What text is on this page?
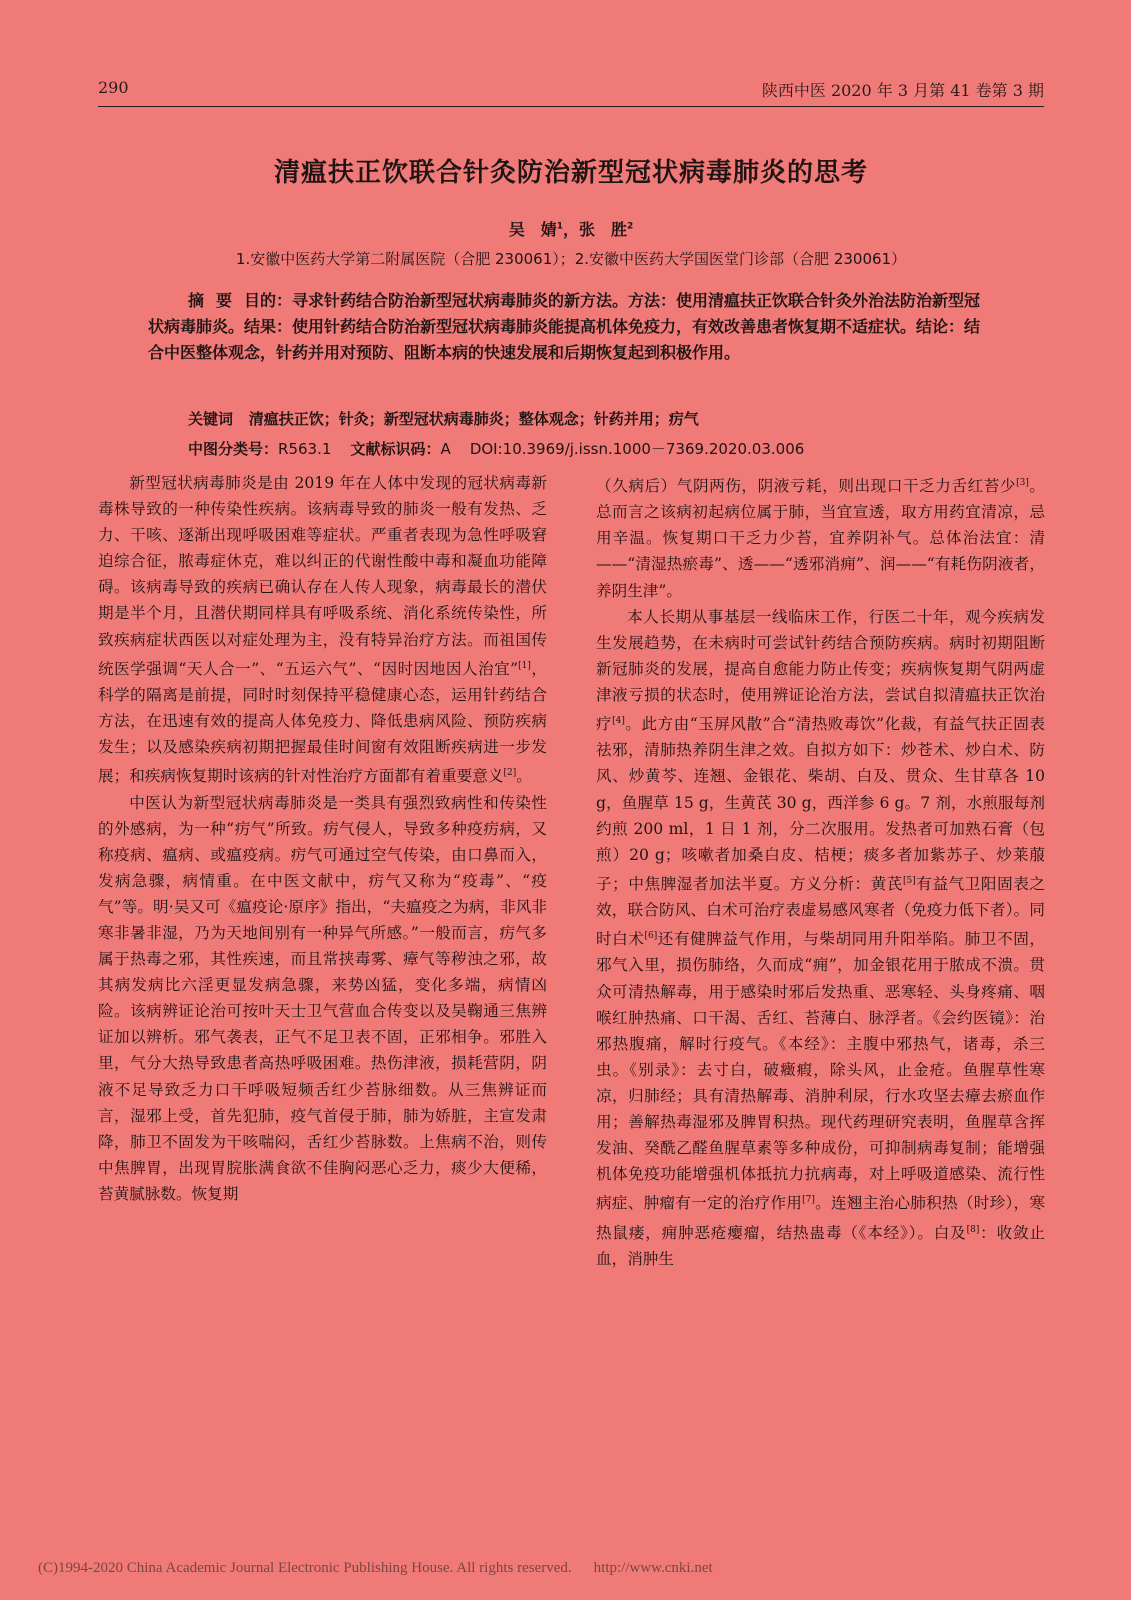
290	陕西中医 2020 年 3 月第 41 卷第 3 期
清瘟扶正饮联合针灸防治新型冠状病毒肺炎的思考
吴　婧$^1$，张　胜$^2$
1.安徽中医药大学第二附属医院（合肥 230061）；2.安徽中医药大学国医堂门诊部（合肥 230061）
摘要目的：寻求针药结合防治新型冠状病毒肺炎的新方法。方法：使用清瘟扶正饮联合针灸外治法防治新型冠状病毒肺炎。结果：使用针药结合防治新型冠状病毒肺炎能提高机体免疫力，有效改善患者恢复期不适症状。结论：结合中医整体观念，针药并用对预防、阻断本病的快速发展和后期恢复起到积极作用。
关键词 清瘟扶正饮；针灸；新型冠状病毒肺炎；整体观念；针药并用；疠气
中图分类号：R563.1 文献标识码：A DOI:10.3969/j.issn.1000－7369.2020.03.006

新型冠状病毒肺炎是由 2019 年在人体中发现的冠状病毒新毒株导致的一种传染性疾病。该病毒导致的肺炎一般有发热、乏力、干咳、逐渐出现呼吸困难等症状。严重者表现为急性呼吸窘迫综合征，脓毒症休克，难以纠正的代谢性酸中毒和凝血功能障碍。该病毒导致的疾病已确认存在人传人现象，病毒最长的潜伏期是半个月，且潜伏期同样具有呼吸系统、消化系统传染性，所致疾病症状西医以对症处理为主，没有特异治疗方法。而祖国传统医学强调“天人合一”、“五运六气”、“因时因地因人治宜”[1]，科学的隔离是前提，同时时刻保持平稳健康心态，运用针药结合方法，在迅速有效的提高人体免疫力、降低患病风险、预防疾病发生；以及感染疾病初期把握最佳时间窗有效阻断疾病进一步发展；和疾病恢复期时该病的针对性治疗方面都有着重要意义[2]。

中医认为新型冠状病毒肺炎是一类具有强烈致病性和传染性的外感病，为一种“疠气”所致。疠气侵人，导致多种疫疠病，又称疫病、瘟病、或瘟疫病。疠气可通过空气传染，由口鼻而入，发病急骤，病情重。在中医文献中，疠气又称为“疫毒”、“疫气”等。明·吴又可《瘟疫论·原序》指出，“夫瘟疫之为病，非风非寒非暑非湿，乃为天地间别有一种异气所感。”一般而言，疠气多属于热毒之邪，其性疾速，而且常挟毒雾、瘴气等秽浊之邪，故其病发病比六淫更显发病急骤，来势凶猛，变化多端，病情凶险。该病辨证论治可按叶天士卫气营血合传变以及吴鞠通三焦辨证加以辨析。邪气袭表，正气不足卫表不固，正邪相争。邪胜入里，气分大热导致患者高热呼吸困难。热伤津液，损耗营阴，阴液不足导致乏力口干呼吸短频舌红少苔脉细数。从三焦辨证而言，湿邪上受，首先犯肺，疫气首侵于肺，肺为娇脏，主宣发肃降，肺卫不固发为干咳喘闷，舌红少苔脉数。上焦病不治，则传中焦脾胃，出现胃脘胀满食欲不佳胸闷恶心乏力，痰少大便稀，苔黄腻脉数。恢复期

（久病后）气阴两伤，阴液亏耗，则出现口干乏力舌红苔少[3]。总而言之该病初起病位属于肺，当宜宣透，取方用药宜清凉，忌用辛温。恢复期口干乏力少苔，宜养阴补气。总体治法宜：清——“清湿热瘀毒”、透——“透邪消痈”、润——“有耗伤阴液者，养阴生津”。

本人长期从事基层一线临床工作，行医二十年，观今疾病发生发展趋势，在未病时可尝试针药结合预防疾病。病时初期阻断新冠肺炎的发展，提高自愈能力防止传变；疾病恢复期气阴两虚津液亏损的状态时，使用辨证论治方法，尝试自拟清瘟扶正饮治疗[4]。此方由“玉屏风散”合“清热败毒饮”化裁，有益气扶正固表祛邪，清肺热养阴生津之效。自拟方如下：炒苍术、炒白术、防风、炒黄芩、连翘、金银花、柴胡、白及、贯众、生甘草各 10 g，鱼腥草 15 g，生黄芪 30 g，西洋参 6 g。7 剂，水煎服每剂约煎 200 ml，1 日 1 剂，分二次服用。发热者可加熟石膏（包煎）20 g；咳嗽者加桑白皮、桔梗；痰多者加紫苏子、炒莱菔子；中焦脾湿者加法半夏。方义分析：黄芪[5]有益气卫阳固表之效，联合防风、白术可治疗表虚易感风寒者（免疫力低下者）。同时白术[6]还有健脾益气作用，与柴胡同用升阳举陷。肺卫不固，邪气入里，损伤肺络，久而成“痈”，加金银花用于脓成不溃。贯众可清热解毒，用于感染时邪后发热重、恶寒轻、头身疼痛、咽喉红肿热痛、口干渴、舌红、苔薄白、脉浮者。《会约医镜》：治邪热腹痛，解时行疫气。《本经》：主腹中邪热气，诸毒，杀三虫。《别录》：去寸白，破癥瘕，除头风，止金疮。鱼腥草性寒凉，归肺经；具有清热解毒、消肿利尿，行水攻坚去瘴去瘀血作用；善解热毒湿邪及脾胃积热。现代药理研究表明，鱼腥草含挥发油、癸酰乙醛鱼腥草素等多种成份，可抑制病毒复制；能增强机体免疫功能增强机体抵抗力抗病毒，对上呼吸道感染、流行性病症、肿瘤有一定的治疗作用[7]。连翘主治心肺积热（时珍），寒热鼠瘘，痈肿恶疮瘿瘤，结热蛊毒（《本经》）。白及[8]：收敛止血，消肿生

(C)1994-2020 China Academic Journal Electronic Publishing House. All rights reserved. http://www.cnki.net
